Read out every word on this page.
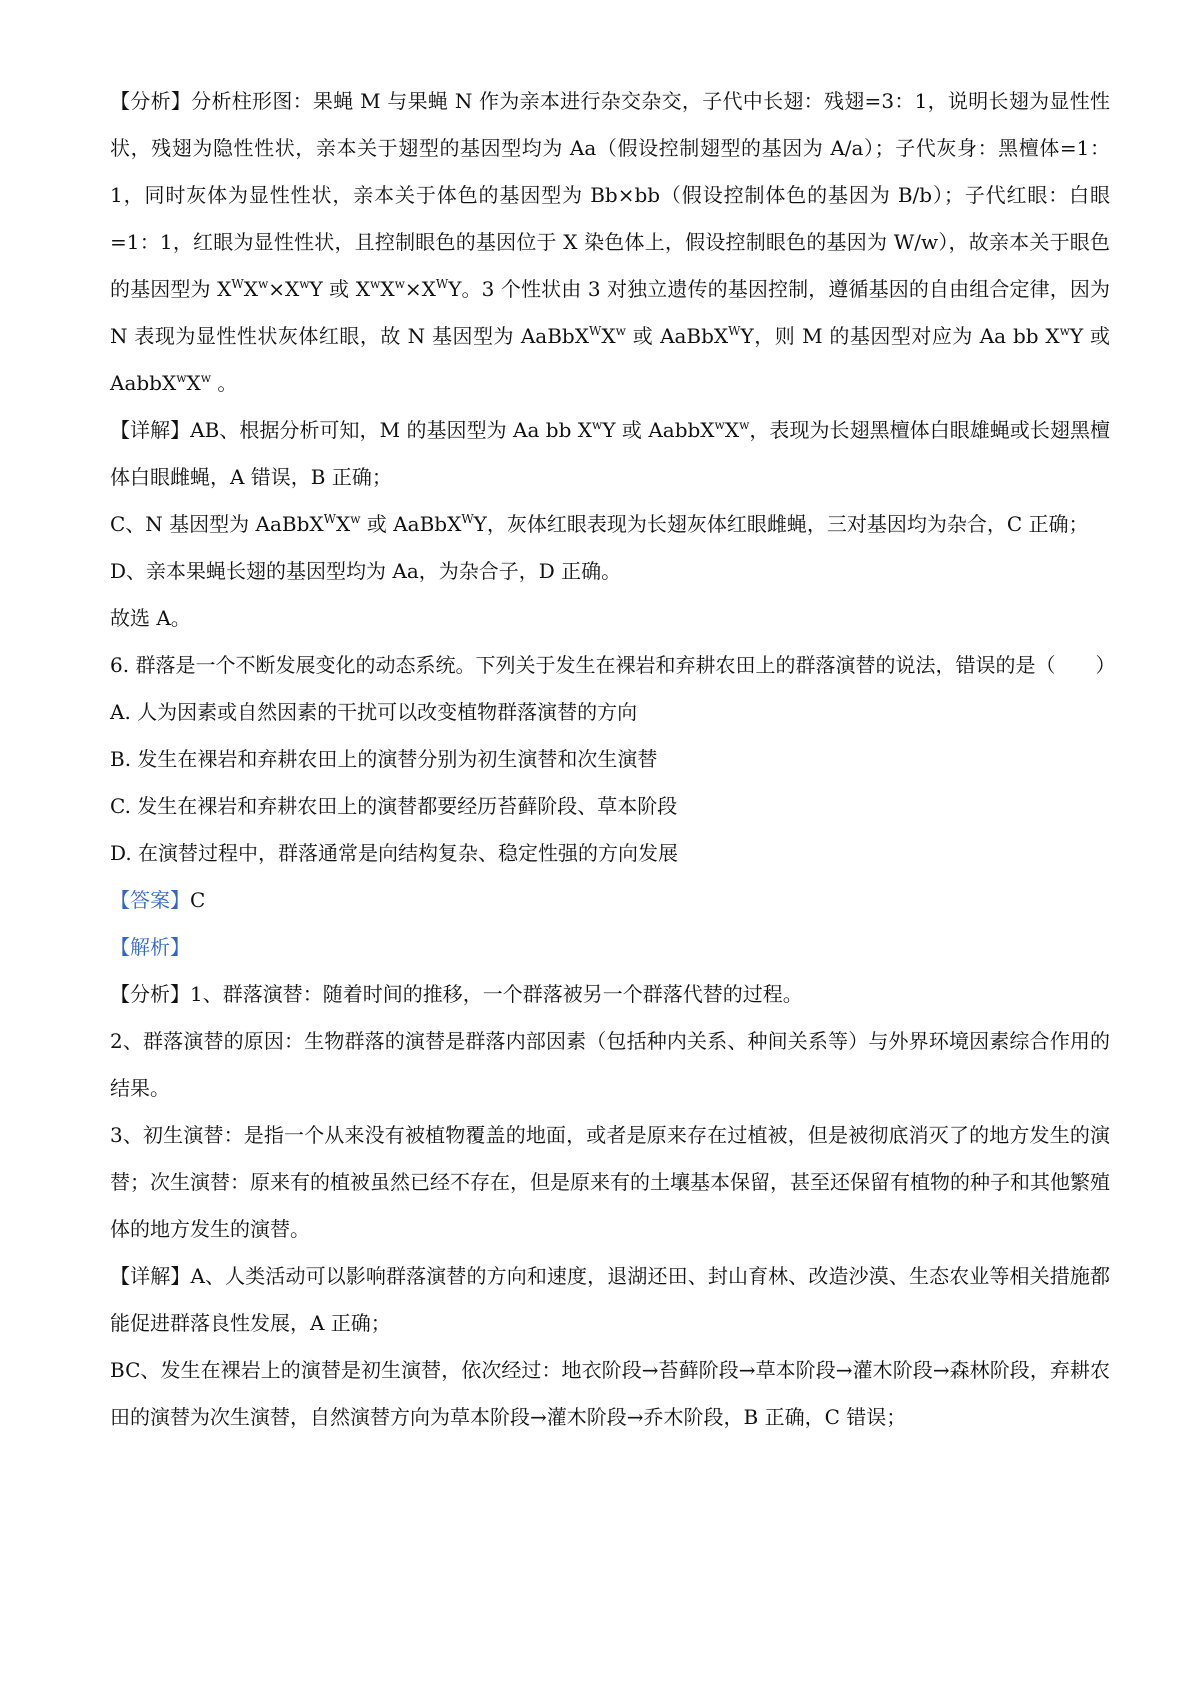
【分析】分析柱形图：果蝇 M 与果蝇 N 作为亲本进行杂交杂交，子代中长翅：残翅=3：1，说明长翅为显性性状，残翅为隐性性状，亲本关于翅型的基因型均为 Aa（假设控制翅型的基因为 A/a）；子代灰身：黑檀体=1：1，同时灰体为显性性状，亲本关于体色的基因型为 Bb×bb（假设控制体色的基因为 B/b）；子代红眼：白眼=1：1，红眼为显性性状，且控制眼色的基因位于 X 染色体上，假设控制眼色的基因为 W/w），故亲本关于眼色的基因型为 $X^WX^w\times X^wY$ 或 $X^wX^w\times X^WY$。3 个性状由 3 对独立遗传的基因控制，遵循基因的自由组合定律，因为 N 表现为显性性状灰体红眼，故 N 基因型为 $AaBbX^WX^w$ 或 AaBbX$^W$Y，则 M 的基因型对应为 Aa bb $X^wY$ 或 $AabbX^wX^w$ 。

【详解】AB、根据分析可知，M 的基因型为 Aa bb $X^wY$ 或 $AabbX^wX^w$，表现为长翅黑檀体白眼雄蝇或长翅黑檀体白眼雌蝇，A 错误，B 正确；

C、N 基因型为 $AaBbX^WX^w$ 或 AaBbX$^W$Y，灰体红眼表现为长翅灰体红眼雌蝇，三对基因均为杂合，C 正确；

D、亲本果蝇长翅的基因型均为 Aa，为杂合子，D 正确。

故选 A。

6. 群落是一个不断发展变化的动态系统。下列关于发生在裸岩和弃耕农田上的群落演替的说法，错误的是（　　）

A. 人为因素或自然因素的干扰可以改变植物群落演替的方向

B. 发生在裸岩和弃耕农田上的演替分别为初生演替和次生演替

C. 发生在裸岩和弃耕农田上的演替都要经历苔藓阶段、草本阶段

D. 在演替过程中，群落通常是向结构复杂、稳定性强的方向发展

【答案】C

【解析】

【分析】1、群落演替：随着时间的推移，一个群落被另一个群落代替的过程。

2、群落演替的原因：生物群落的演替是群落内部因素（包括种内关系、种间关系等）与外界环境因素综合作用的结果。

3、初生演替：是指一个从来没有被植物覆盖的地面，或者是原来存在过植被，但是被彻底消灭了的地方发生的演替；次生演替：原来有的植被虽然已经不存在，但是原来有的土壤基本保留，甚至还保留有植物的种子和其他繁殖体的地方发生的演替。

【详解】A、人类活动可以影响群落演替的方向和速度，退湖还田、封山育林、改造沙漠、生态农业等相关措施都能促进群落良性发展，A 正确；

BC、发生在裸岩上的演替是初生演替，依次经过：地衣阶段→苔藓阶段→草本阶段→灌木阶段→森林阶段，弃耕农田的演替为次生演替，自然演替方向为草本阶段→灌木阶段→乔木阶段，B 正确，C 错误；
